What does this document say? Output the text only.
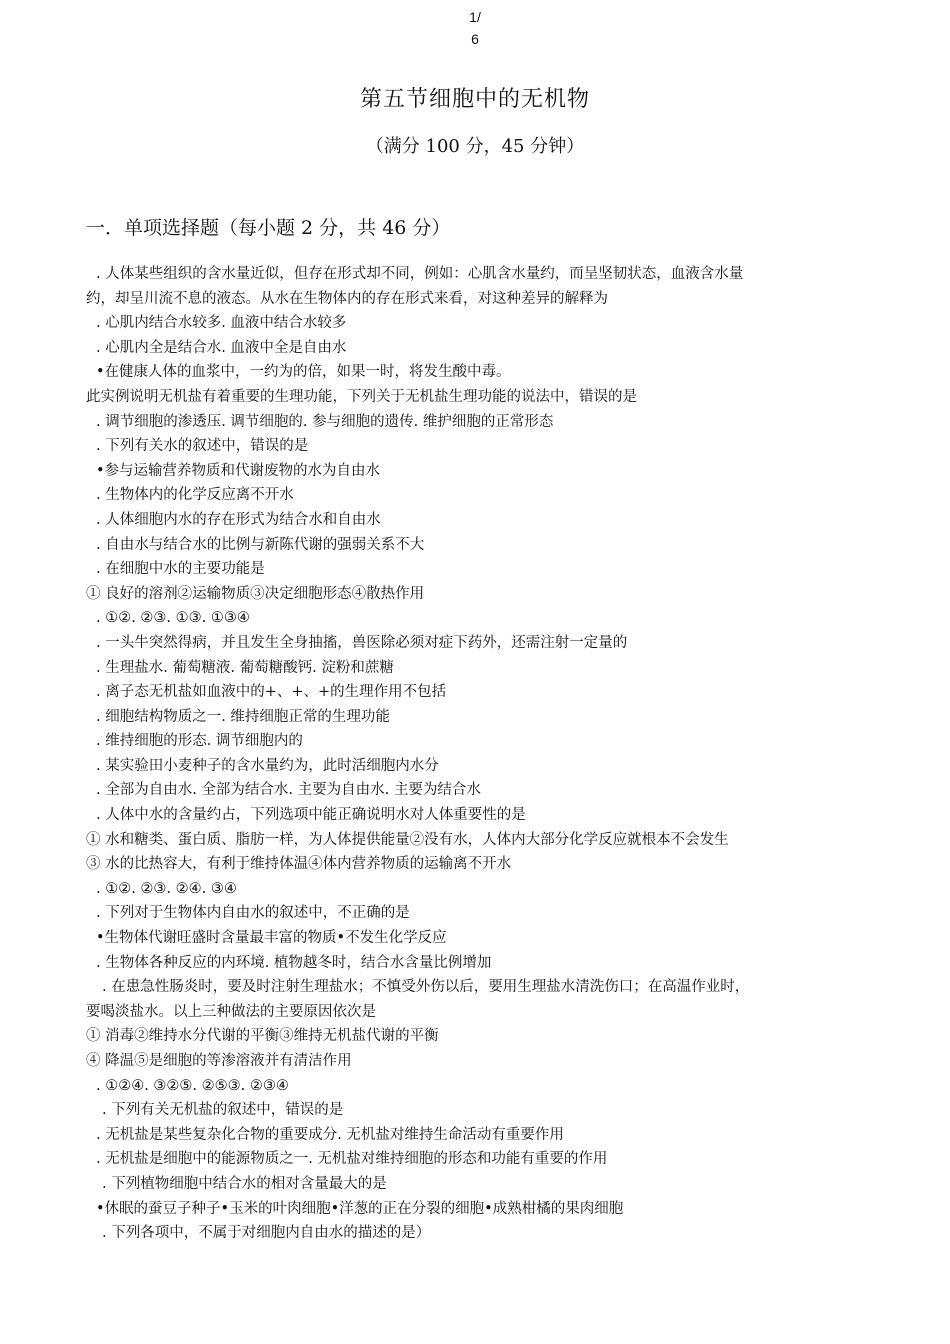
1/
6
第五节细胞中的无机物
（满分 100 分，45 分钟）
一．单项选择题（每小题 2 分，共 46 分）
. 人体某些组织的含水量近似，但存在形式却不同，例如：心肌含水量约，而呈坚韧状态，血液含水量
约，却呈川流不息的液态。从水在生物体内的存在形式来看，对这种差异的解释为
. 心肌内结合水较多. 血液中结合水较多
. 心肌内全是结合水. 血液中全是自由水
•在健康人体的血浆中，一约为的倍，如果一时，将发生酸中毒。
此实例说明无机盐有着重要的生理功能，下列关于无机盐生理功能的说法中，错误的是
. 调节细胞的渗透压. 调节细胞的. 参与细胞的遗传. 维护细胞的正常形态
. 下列有关水的叙述中，错误的是
•参与运输营养物质和代谢废物的水为自由水
. 生物体内的化学反应离不开水
. 人体细胞内水的存在形式为结合水和自由水
. 自由水与结合水的比例与新陈代谢的强弱关系不大
. 在细胞中水的主要功能是
① 良好的溶剂②运输物质③决定细胞形态④散热作用
. ①②. ②③. ①③. ①③④
. 一头牛突然得病，并且发生全身抽搐，兽医除必须对症下药外，还需注射一定量的
. 生理盐水. 葡萄糖液. 葡萄糖酸钙. 淀粉和蔗糖
. 离子态无机盐如血液中的+、+、+的生理作用不包括
. 细胞结构物质之一. 维持细胞正常的生理功能
. 维持细胞的形态. 调节细胞内的
. 某实验田小麦种子的含水量约为，此时活细胞内水分
. 全部为自由水. 全部为结合水. 主要为自由水. 主要为结合水
. 人体中水的含量约占，下列选项中能正确说明水对人体重要性的是
① 水和糖类、蛋白质、脂肪一样，为人体提供能量②没有水，人体内大部分化学反应就根本不会发生
③ 水的比热容大，有利于维持体温④体内营养物质的运输离不开水
. ①②. ②③. ②④. ③④
. 下列对于生物体内自由水的叙述中，不正确的是
•生物体代谢旺盛时含量最丰富的物质•不发生化学反应
. 生物体各种反应的内环境. 植物越冬时，结合水含量比例增加
. 在患急性肠炎时，要及时注射生理盐水；不慎受外伤以后，要用生理盐水清洗伤口；在高温作业时，
要喝淡盐水。以上三种做法的主要原因依次是
① 消毒②维持水分代谢的平衡③维持无机盐代谢的平衡
④ 降温⑤是细胞的等渗溶液并有清洁作用
. ①②④. ③②⑤. ②⑤③. ②③④
. 下列有关无机盐的叙述中，错误的是
. 无机盐是某些复杂化合物的重要成分. 无机盐对维持生命活动有重要作用
. 无机盐是细胞中的能源物质之一. 无机盐对维持细胞的形态和功能有重要的作用
. 下列植物细胞中结合水的相对含量最大的是
•休眠的蚕豆子种子•玉米的叶肉细胞•洋葱的正在分裂的细胞•成熟柑橘的果肉细胞
. 下列各项中，不属于对细胞内自由水的描述的是）
